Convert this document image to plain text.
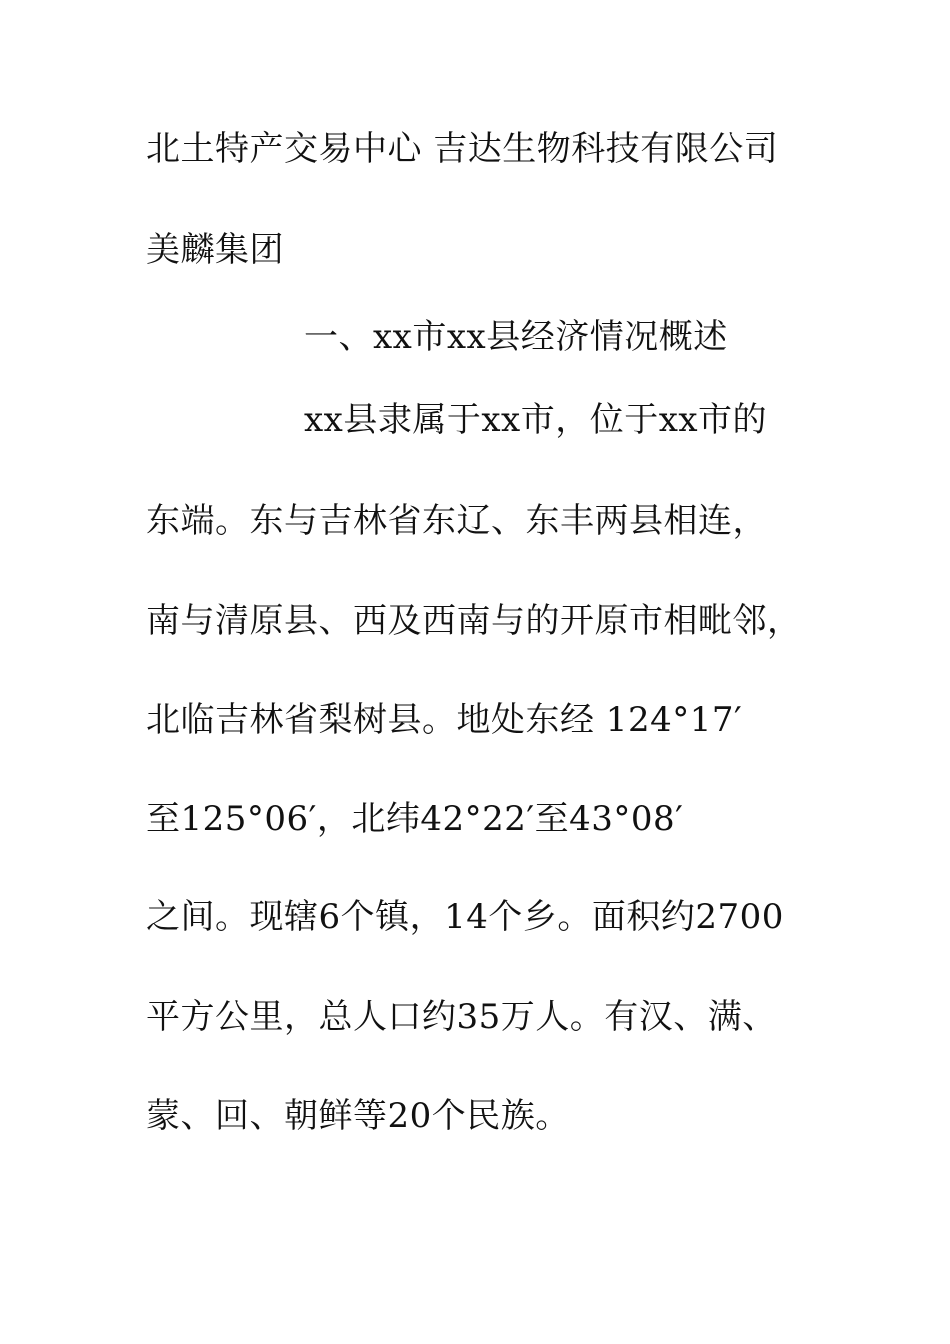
北土特产交易中心 吉达生物科技有限公司
美麟集团
一、xx市xx县经济情况概述
xx县隶属于xx市，位于xx市的
东端。东与吉林省东辽、东丰两县相连，
南与清原县、西及西南与的开原市相毗邻，
北临吉林省梨树县。地处东经 124°17′
至125°06′，北纬42°22′至43°08′
之间。现辖6个镇，14个乡。面积约2700
平方公里，总人口约35万人。有汉、满、
蒙、回、朝鲜等20个民族。
